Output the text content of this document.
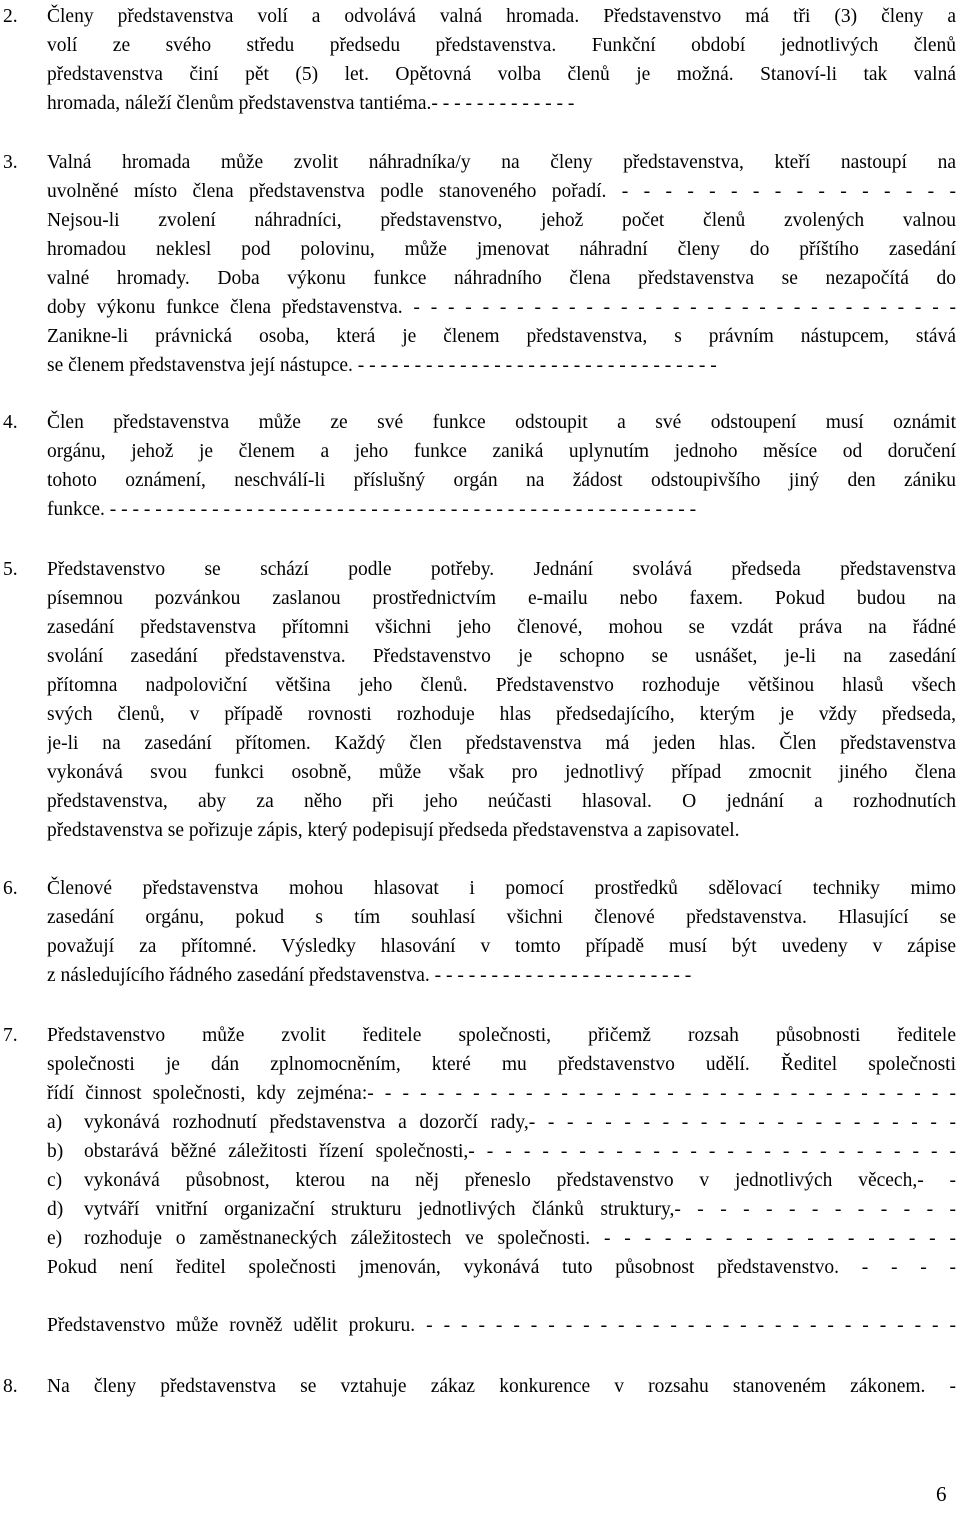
2. Členy představenstva volí a odvolává valná hromada. Představenstvo má tři (3) členy a
volí ze svého středu předsedu představenstva. Funkční období jednotlivých členů
představenstva činí pět (5) let. Opětovná volba členů je možná. Stanoví-li tak valná
hromada, náleží členům představenstva tantiéma.- - - - - - - - - - - - -
3. Valná hromada může zvolit náhradníka/y na členy představenstva, kteří nastoupí na
uvolněné místo člena představenstva podle stanoveného pořadí. - - - - - - - - - - - - - - - -
Nejsou-li zvolení náhradníci, představenstvo, jehož počet členů zvolených valnou
hromadou neklesl pod polovinu, může jmenovat náhradní členy do příštího zasedání
valné hromady. Doba výkonu funkce náhradního člena představenstva se nezapočítá do
doby výkonu funkce člena představenstva. - - - - - - - - - - - - - - - - - - - - - - - - - - - - - - - -
Zanikne-li právnická osoba, která je členem představenstva, s právním nástupcem, stává
se členem představenstva její nástupce. - - - - - - - - - - - - - - - - - - - - - - - - - - - - - - - -
4. Člen představenstva může ze své funkce odstoupit a své odstoupení musí oznámit
orgánu, jehož je členem a jeho funkce zaniká uplynutím jednoho měsíce od doručení
tohoto oznámení, neschválí-li příslušný orgán na žádost odstoupivšího jiný den zániku
funkce. - - - - - - - - - - - - - - - - - - - - - - - - - - - - - - - - - - - - - - - - - - - - - - - - - - - -
5. Představenstvo se schází podle potřeby. Jednání svolává předseda představenstva
písemnou pozvánkou zaslanou prostřednictvím e-mailu nebo faxem. Pokud budou na
zasedání představenstva přítomni všichni jeho členové, mohou se vzdát práva na řádné
svolání zasedání představenstva. Představenstvo je schopno se usnášet, je-li na zasedání
přítomna nadpoloviční většina jeho členů. Představenstvo rozhoduje většinou hlasů všech
svých členů, v případě rovnosti rozhoduje hlas předsedajícího, kterým je vždy předseda,
je-li na zasedání přítomen. Každý člen představenstva má jeden hlas. Člen představenstva
vykonává svou funkci osobně, může však pro jednotlivý případ zmocnit jiného člena
představenstva, aby za něho při jeho neúčasti hlasoval. O jednání a rozhodnutích
představenstva se pořizuje zápis, který podepisují předseda představenstva a zapisovatel.
6. Členové představenstva mohou hlasovat i pomocí prostředků sdělovací techniky mimo
zasedání orgánu, pokud s tím souhlasí všichni členové představenstva. Hlasující se
považují za přítomné. Výsledky hlasování v tomto případě musí být uvedeny v zápise
z následujícího řádného zasedání představenstva. - - - - - - - - - - - - - - - - - - - - - - -
7. Představenstvo může zvolit ředitele společnosti, přičemž rozsah působnosti ředitele
společnosti je dán zplnomocněním, které mu představenstvo udělí. Ředitel společnosti
řídí činnost společnosti, kdy zejména:- - - - - - - - - - - - - - - - - - - - - - - - - - - - - - - - - -
a) vykonává rozhodnutí představenstva a dozorčí rady,- - - - - - - - - - - - - - - - - - - - - - -
b) obstarává běžné záležitosti řízení společnosti,- - - - - - - - - - - - - - - - - - - - - - - - - - -
c) vykonává působnost, kterou na něj přeneslo představenstvo v jednotlivých věcech,- -
d) vytváří vnitřní organizační strukturu jednotlivých článků struktury,- - - - - - - - - - - - -
e) rozhoduje o zaměstnaneckých záležitostech ve společnosti. - - - - - - - - - - - - - - - - - -
Pokud není ředitel společnosti jmenován, vykonává tuto působnost představenstvo. - - - -
Představenstvo může rovněž udělit prokuru. - - - - - - - - - - - - - - - - - - - - - - - - - - - - - - -
8. Na členy představenstva se vztahuje zákaz konkurence v rozsahu stanoveném zákonem. -
6
